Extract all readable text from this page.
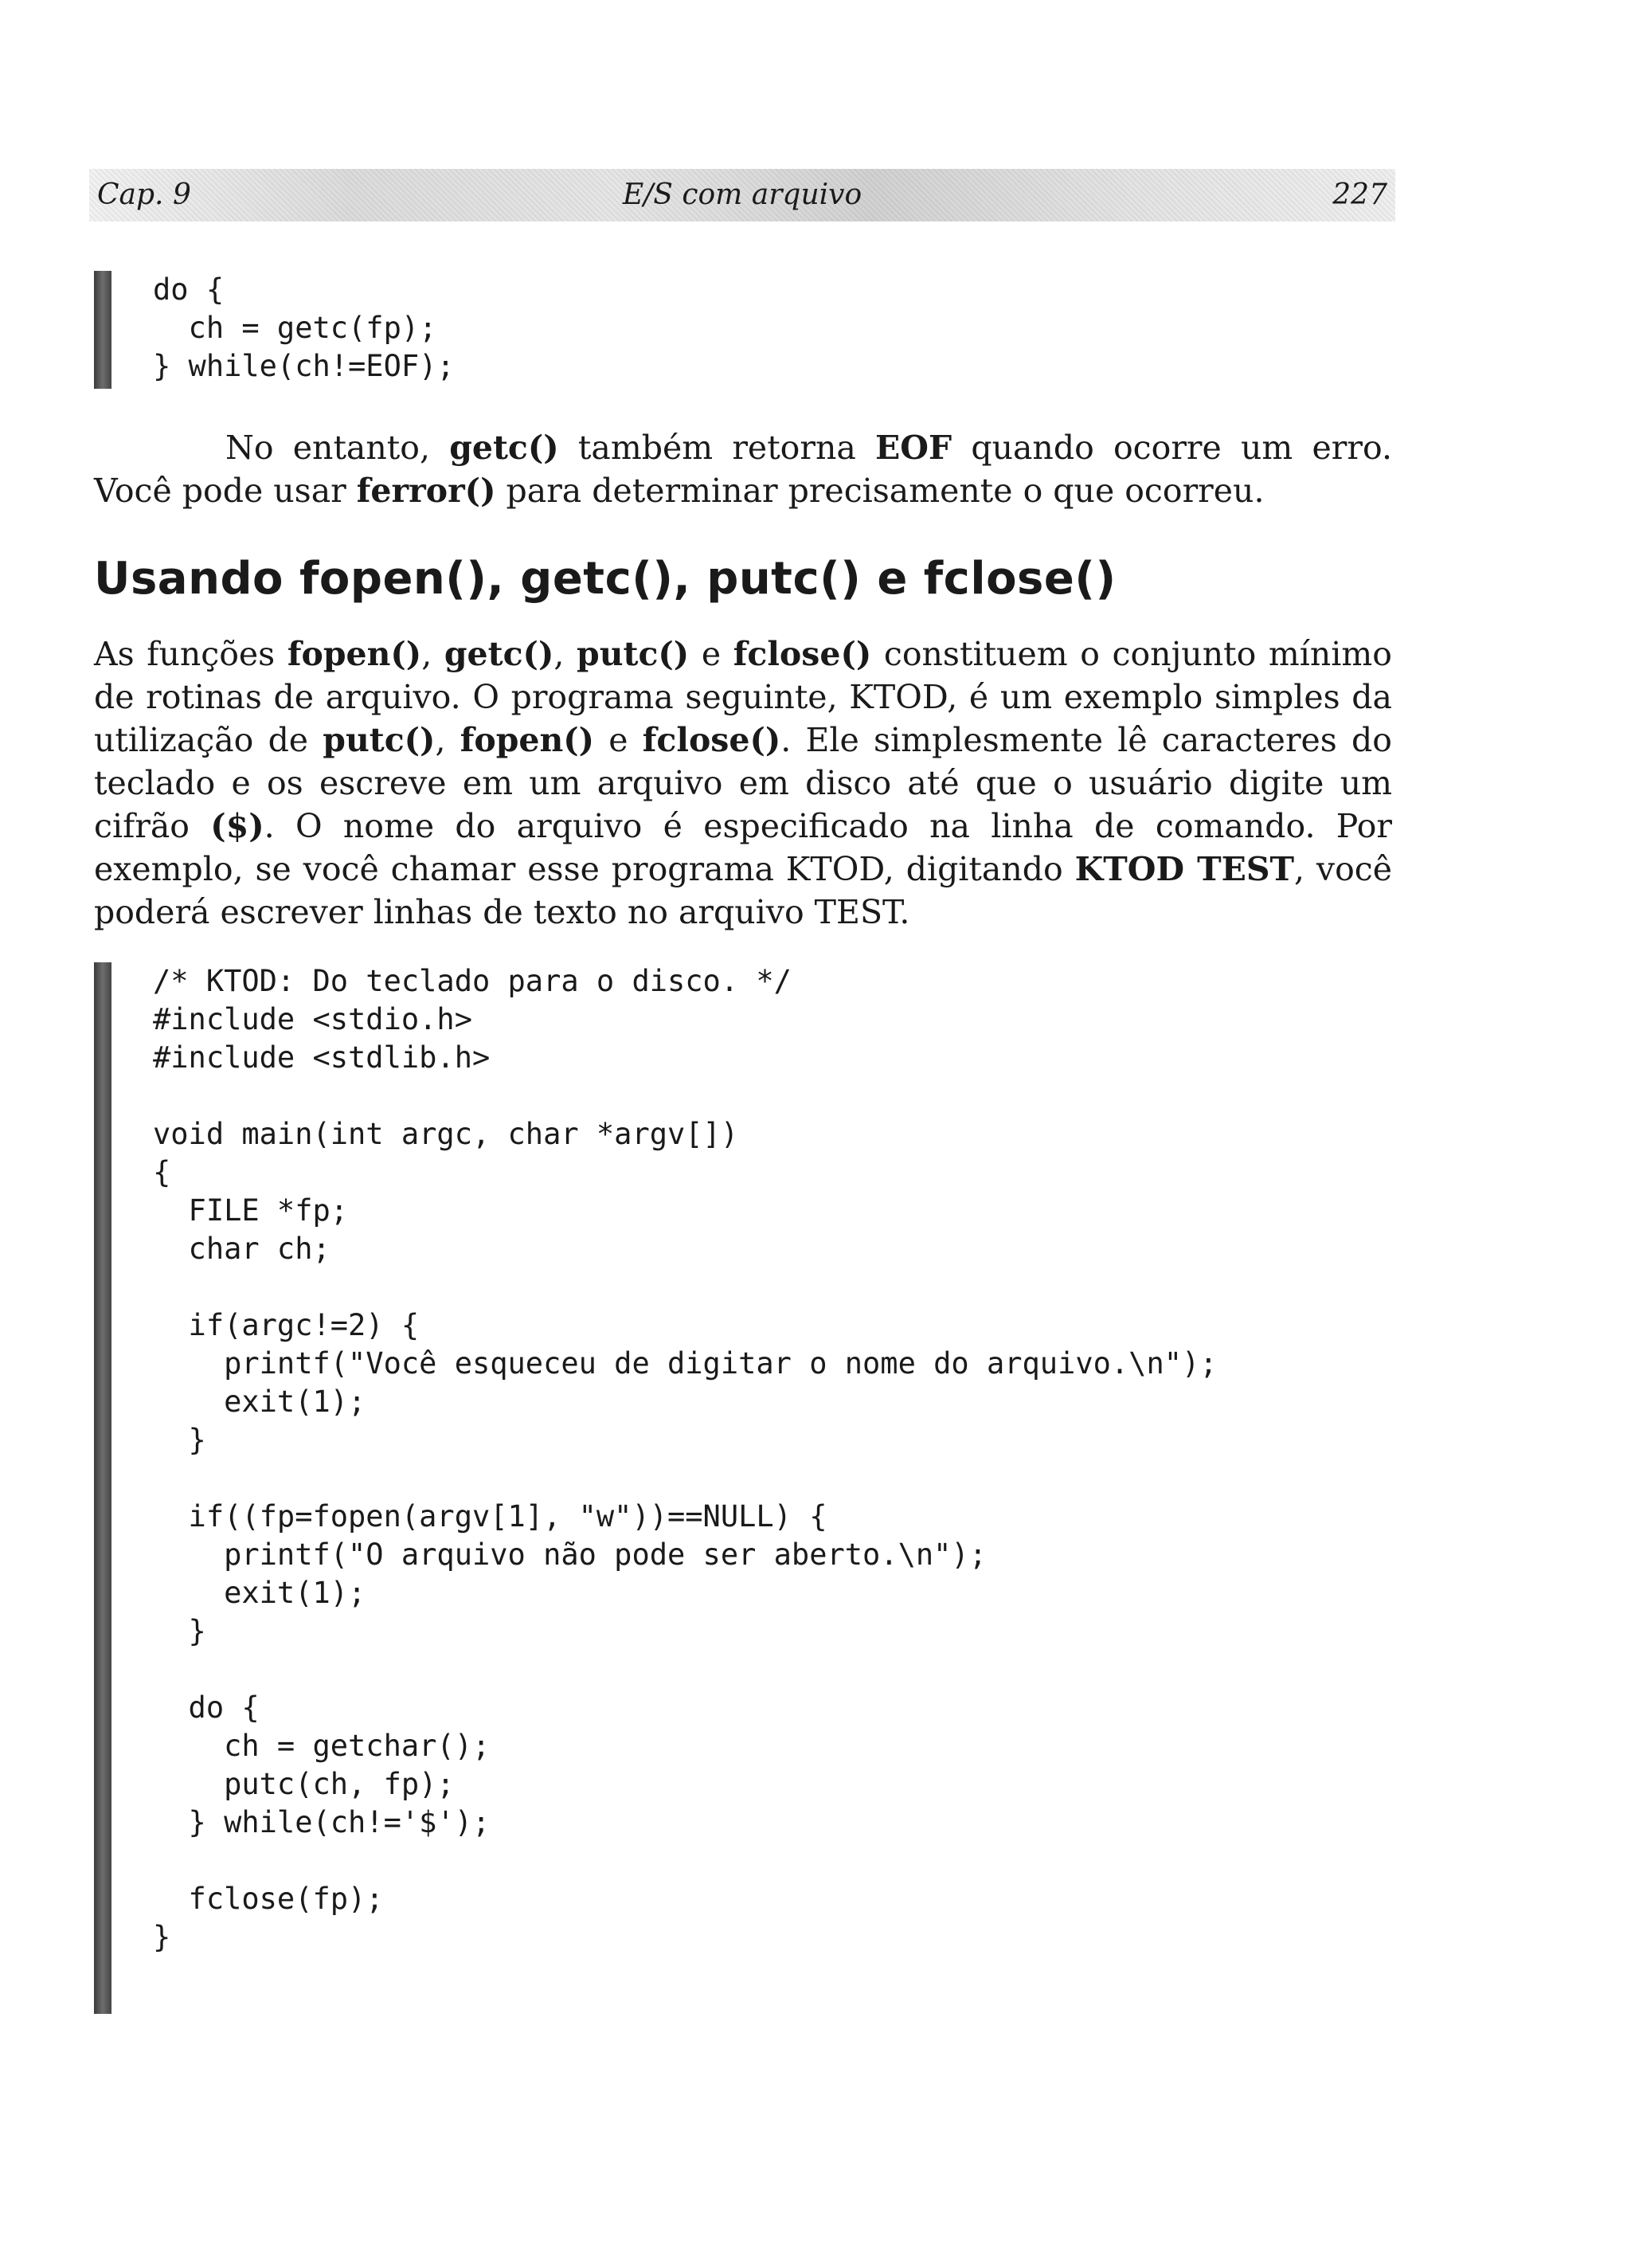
Cap. 9	E/S com arquivo	227
do {
ch = getc(fp);
} while(ch!=EOF);

No entanto, getc() também retorna EOF quando ocorre um erro. Você pode usar ferror() para determinar precisamente o que ocorreu.

Usando fopen(), getc(), putc() e fclose()

As funções fopen(), getc(), putc() e fclose() constituem o conjunto mínimo de rotinas de arquivo. O programa seguinte, KTOD, é um exemplo simples da utilização de putc(), fopen() e fclose(). Ele simplesmente lê caracteres do teclado e os escreve em um arquivo em disco até que o usuário digite um cifrão ($). O nome do arquivo é especificado na linha de comando. Por exemplo, se você chamar esse programa KTOD, digitando KTOD TEST, você poderá escrever linhas de texto no arquivo TEST.

/* KTOD: Do teclado para o disco. */
#include <stdio.h>
#include <stdlib.h>

void main(int argc, char *argv[])
{
FILE *fp;
char ch;

if(argc!=2) {
printf("Você esqueceu de digitar o nome do arquivo.\n");
exit(1);
}

if((fp=fopen(argv[1], "w"))==NULL) {
printf("O arquivo não pode ser aberto.\n");
exit(1);
}

do {
ch = getchar();
putc(ch, fp);
} while(ch!='$');

fclose(fp);
}
